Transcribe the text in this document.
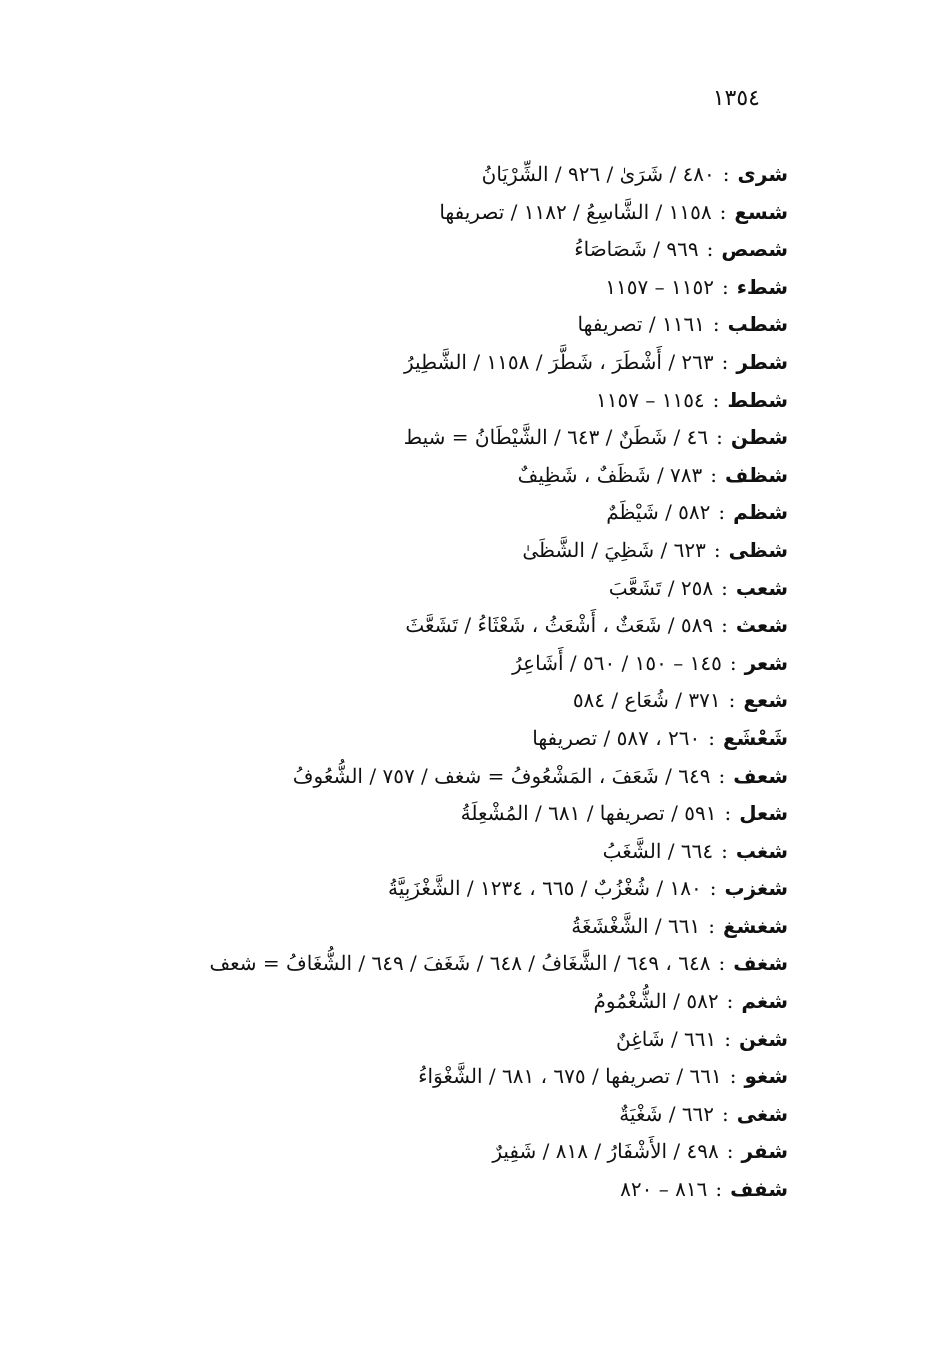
١٣٥٤
شرى:٤٨٠ / شَرَىٰ / ٩٢٦ / الشِّرْيَانُ
شسع:١١٥٨ / الشَّاسِعُ / ١١٨٢ / تصريفها
شصص:٩٦٩ / شَصَاصَاءُ
شطء:١١٥٢ – ١١٥٧
شطب:١١٦١ / تصريفها
شطر:٢٦٣ / أَشْطَرَ ، شَطَّرَ / ١١٥٨ / الشَّطِيرُ
شطط:١١٥٤ – ١١٥٧
شطن:٤٦ / شَطَنٌ / ٦٤٣ / الشَّيْطَانُ = شيط
شظف:٧٨٣ / شَظَفٌ ، شَظِيفٌ
شظم:٥٨٢ / شَيْظَمٌ
شظى:٦٢٣ / شَظِيَ / الشَّظَىٰ
شعب:٢٥٨ / تَشَعَّبَ
شعث:٥٨٩ / شَعَثٌ ، أَشْعَثُ ، شَعْثَاءُ / تَشَعَّثَ
شعر:١٤٥ – ١٥٠ / ٥٦٠ / أَشَاعِرُ
شعع:٣٧١ / شُعَاع / ٥٨٤
شَعْشَع:٢٦٠ ، ٥٨٧ / تصريفها
شعف:٦٤٩ / شَعَفَ ، المَشْعُوفُ = شغف / ٧٥٧ / الشُّعُوفُ
شعل:٥٩١ / تصريفها / ٦٨١ / المُشْعِلَةُ
شغب:٦٦٤ / الشَّغَبُ
شغزب:١٨٠ / شُغْزُبٌ / ٦٦٥ ، ١٢٣٤ / الشَّغْزَبِيَّةُ
شغشغ:٦٦١ / الشَّغْشَغَةُ
شغف:٦٤٨ ، ٦٤٩ / الشَّغَافُ / ٦٤٨ / شَغَفَ / ٦٤٩ / الشُّغَافُ = شعف
شغم:٥٨٢ / الشُّغْمُومُ
شغن:٦٦١ / شَاغِنٌ
شغو:٦٦١ / تصريفها / ٦٧٥ ، ٦٨١ / الشَّغْوَاءُ
شغى:٦٦٢ / شَغْيَةٌ
شفر:٤٩٨ / الأَشْفَارُ / ٨١٨ / شَفِيرٌ
شفف:٨١٦ – ٨٢٠
